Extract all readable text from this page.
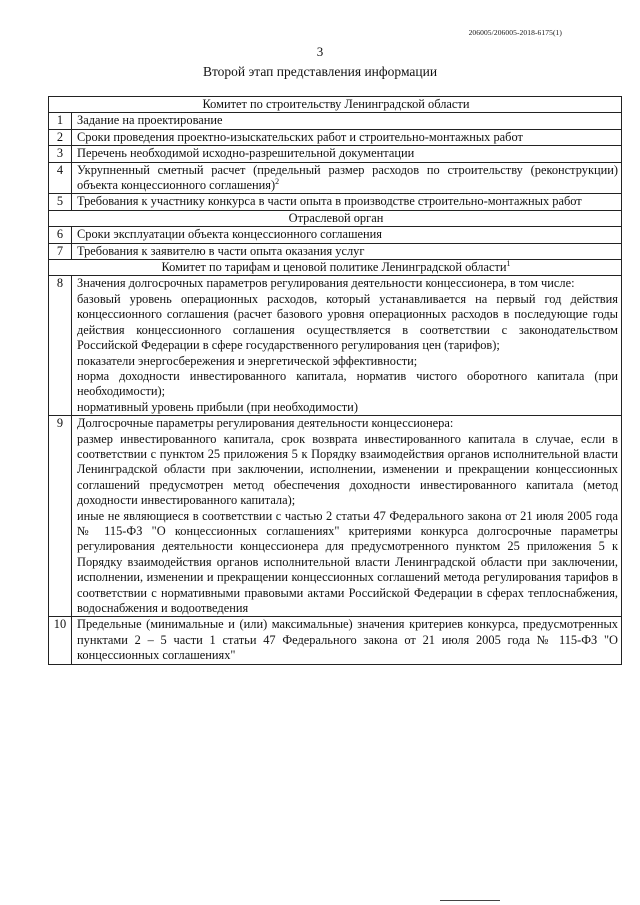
206005/206005-2018-6175(1)
3
Второй этап представления информации
Комитет по строительству Ленинградской области	
1	Задание на проектирование
2	Сроки проведения проектно-изыскательских работ и строительно-монтажных работ
3	Перечень необходимой исходно-разрешительной документации
4	Укрупненный сметный расчет (предельный размер расходов по строительству (реконструкции) объекта концессионного соглашения)$^2$
5	Требования к участнику конкурса в части опыта в производстве строительно-монтажных работ
Отраслевой орган	
6	Сроки эксплуатации объекта концессионного соглашения
7	Требования к заявителю в части опыта оказания услуг
Комитет по тарифам и ценовой политике Ленинградской области$^1$
8	Значения долгосрочных параметров регулирования деятельности концессионера, в том числе:
базовый уровень операционных расходов, который устанавливается на первый год действия концессионного соглашения (расчет базового уровня операционных расходов в последующие годы действия концессионного соглашения осуществляется в соответствии с законодательством Российской Федерации в сфере государственного регулирования цен (тарифов);
показатели энергосбережения и энергетической эффективности;
норма доходности инвестированного капитала, норматив чистого оборотного капитала (при необходимости);
нормативный уровень прибыли (при необходимости)

9	Долгосрочные параметры регулирования деятельности концессионера:
размер инвестированного капитала, срок возврата инвестированного капитала в случае, если в соответствии с пунктом 25 приложения 5 к Порядку взаимодействия органов исполнительной власти Ленинградской области при заключении, исполнении, изменении и прекращении концессионных соглашений предусмотрен метод обеспечения доходности инвестированного капитала (метод доходности инвестированного капитала);
иные не являющиеся в соответствии с частью 2 статьи 47 Федерального закона от 21 июля 2005 года № 115-ФЗ "О концессионных соглашениях" критериями конкурса долгосрочные параметры регулирования деятельности концессионера для предусмотренного пунктом 25 приложения 5 к Порядку взаимодействия органов исполнительной власти Ленинградской области при заключении, исполнении, изменении и прекращении концессионных соглашений метода регулирования тарифов в соответствии с нормативными правовыми актами Российской Федерации в сферах теплоснабжения, водоснабжения и водоотведения

10	Предельные (минимальные и (или) максимальные) значения критериев конкурса, предусмотренных пунктами 2 – 5 части 1 статьи 47 Федерального закона от 21 июля 2005 года № 115-ФЗ "О концессионных соглашениях"
